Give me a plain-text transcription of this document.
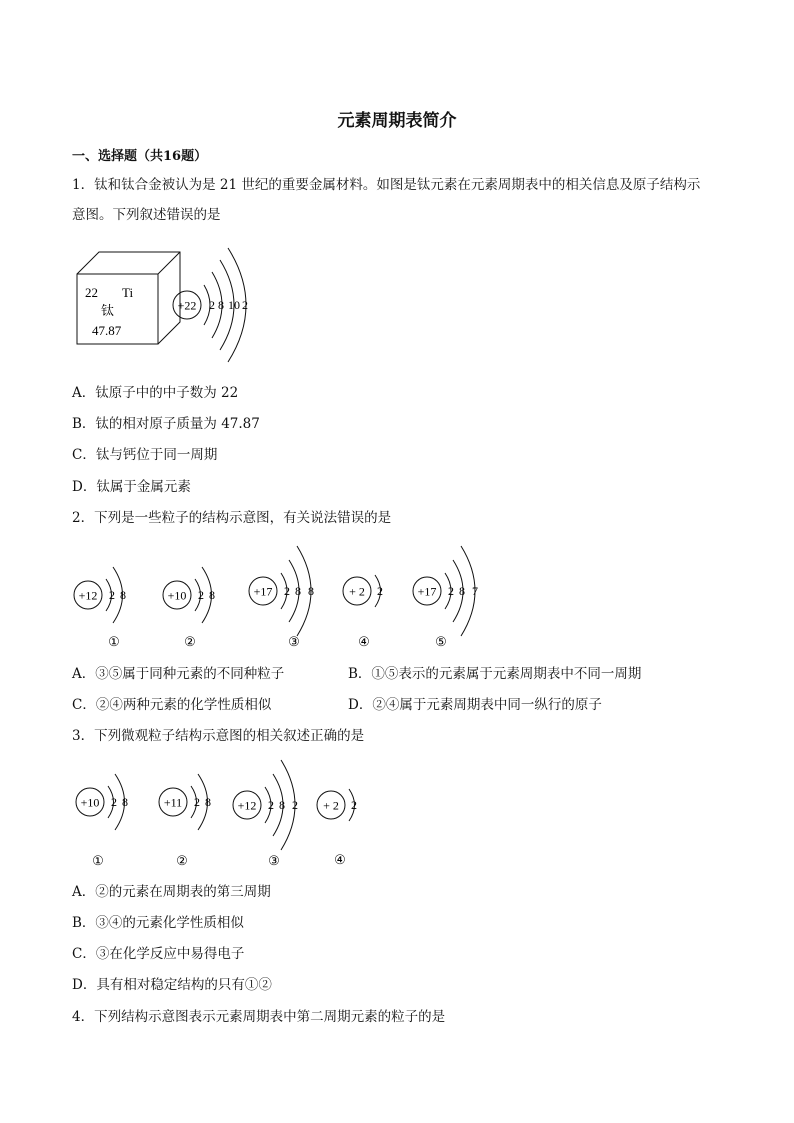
元素周期表简介
一、选择题（共16题）
1．钛和钛合金被认为是 21 世纪的重要金属材料。如图是钛元素在元素周期表中的相关信息及原子结构示
意图。下列叙述错误的是
22 Ti
钛
47.87
+22 2 8 10 2
A．钛原子中的中子数为 22
B．钛的相对原子质量为 47.87
C．钛与钙位于同一周期
D．钛属于金属元素
2．下列是一些粒子的结构示意图，有关说法错误的是
+12 2 8
①
+10 2 8
②
+17 2 8 8
③
+ 2 2
④
+17 2 8 7
⑤
A．③⑤属于同种元素的不同种粒子	B．①⑤表示的元素属于元素周期表中不同一周期
C．②④两种元素的化学性质相似	D．②④属于元素周期表中同一纵行的原子
3．下列微观粒子结构示意图的相关叙述正确的是
+10 2 8
①
+11 2 8
②
+12 2 8 2
③
+ 2 2
④
A．②的元素在周期表的第三周期
B．③④的元素化学性质相似
C．③在化学反应中易得电子
D．具有相对稳定结构的只有①②
4．下列结构示意图表示元素周期表中第二周期元素的粒子的是
